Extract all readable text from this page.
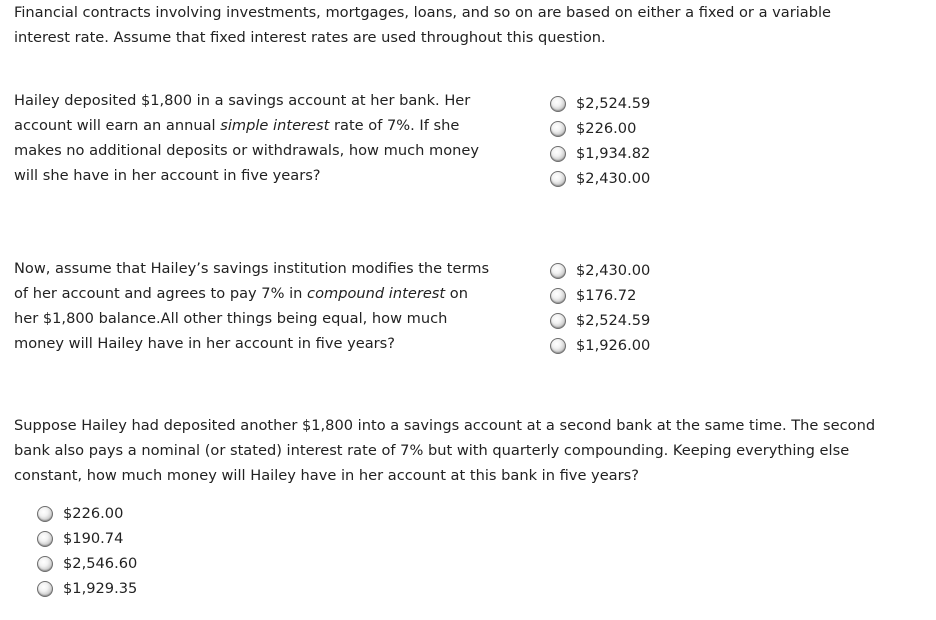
Financial contracts involving investments, mortgages, loans, and so on are based on either a fixed or a variable
interest rate. Assume that fixed interest rates are used throughout this question.
Hailey deposited $1,800 in a savings account at her bank. Her
account will earn an annual simple interest rate of 7%. If she
makes no additional deposits or withdrawals, how much money
will she have in her account in five years?
$2,524.59
$226.00
$1,934.82
$2,430.00
Now, assume that Hailey’s savings institution modifies the terms
of her account and agrees to pay 7% in compound interest on
her $1,800 balance.All other things being equal, how much
money will Hailey have in her account in five years?
$2,430.00
$176.72
$2,524.59
$1,926.00
Suppose Hailey had deposited another $1,800 into a savings account at a second bank at the same time. The second
bank also pays a nominal (or stated) interest rate of 7% but with quarterly compounding. Keeping everything else
constant, how much money will Hailey have in her account at this bank in five years?
$226.00
$190.74
$2,546.60
$1,929.35
